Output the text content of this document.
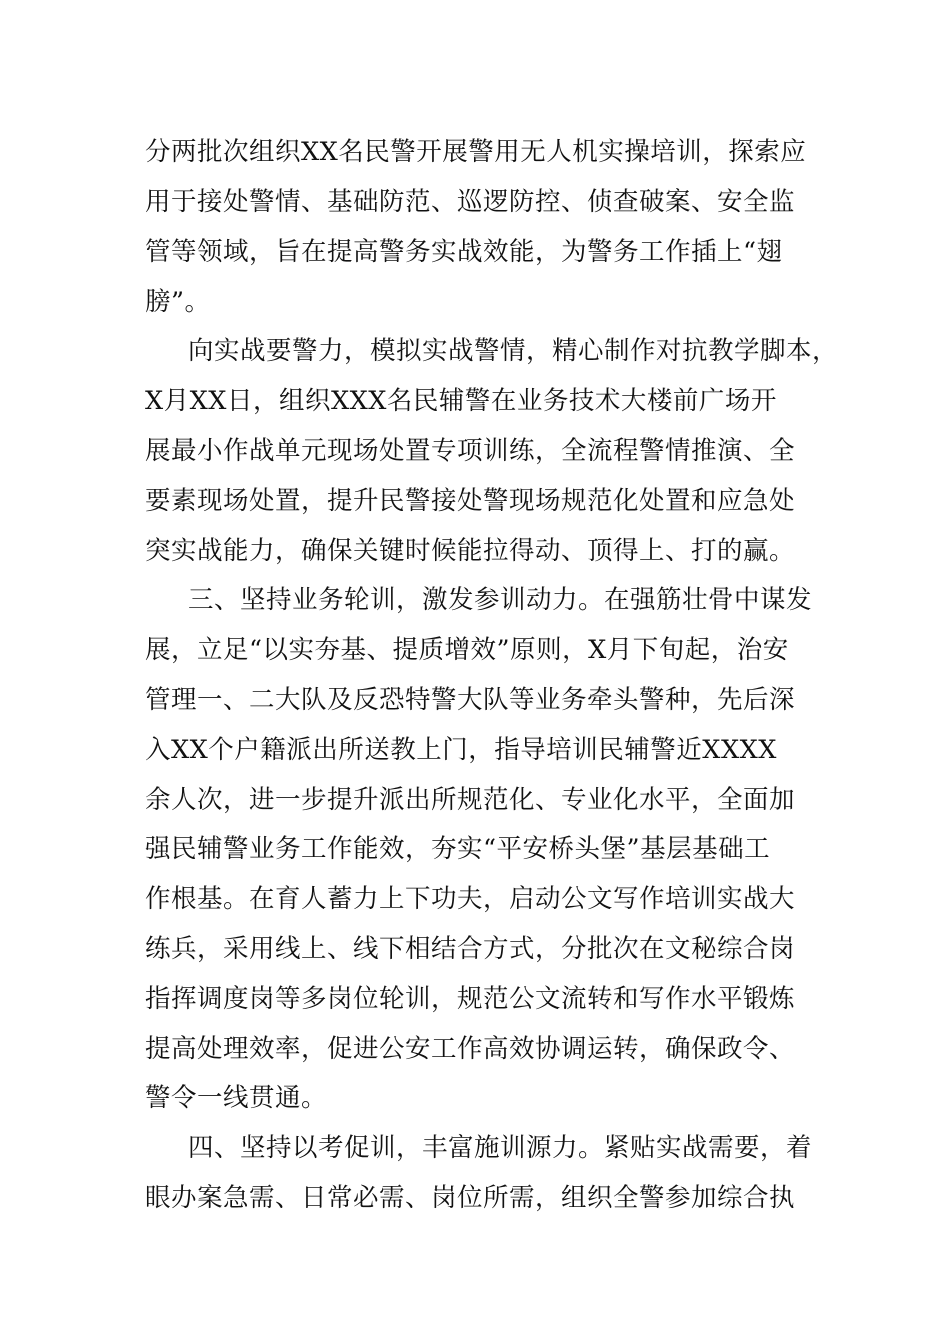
分两批次组织XX名民警开展警用无人机实操培训，探索应
用于接处警情、基础防范、巡逻防控、侦查破案、安全监
管等领域，旨在提高警务实战效能，为警务工作插上“翅
膀”。
向实战要警力，模拟实战警情，精心制作对抗教学脚本，
X月XX日，组织XXX名民辅警在业务技术大楼前广场开
展最小作战单元现场处置专项训练，全流程警情推演、全
要素现场处置，提升民警接处警现场规范化处置和应急处
突实战能力，确保关键时候能拉得动、顶得上、打的赢。
三、坚持业务轮训，激发参训动力。在强筋壮骨中谋发
展，立足“以实夯基、提质增效”原则，X月下旬起，治安
管理一、二大队及反恐特警大队等业务牵头警种，先后深
入XX个户籍派出所送教上门，指导培训民辅警近XXXX
余人次，进一步提升派出所规范化、专业化水平，全面加
强民辅警业务工作能效，夯实“平安桥头堡”基层基础工
作根基。在育人蓄力上下功夫，启动公文写作培训实战大
练兵，采用线上、线下相结合方式，分批次在文秘综合岗
指挥调度岗等多岗位轮训，规范公文流转和写作水平锻炼
提高处理效率，促进公安工作高效协调运转，确保政令、
警令一线贯通。
四、坚持以考促训，丰富施训源力。紧贴实战需要，着
眼办案急需、日常必需、岗位所需，组织全警参加综合执
